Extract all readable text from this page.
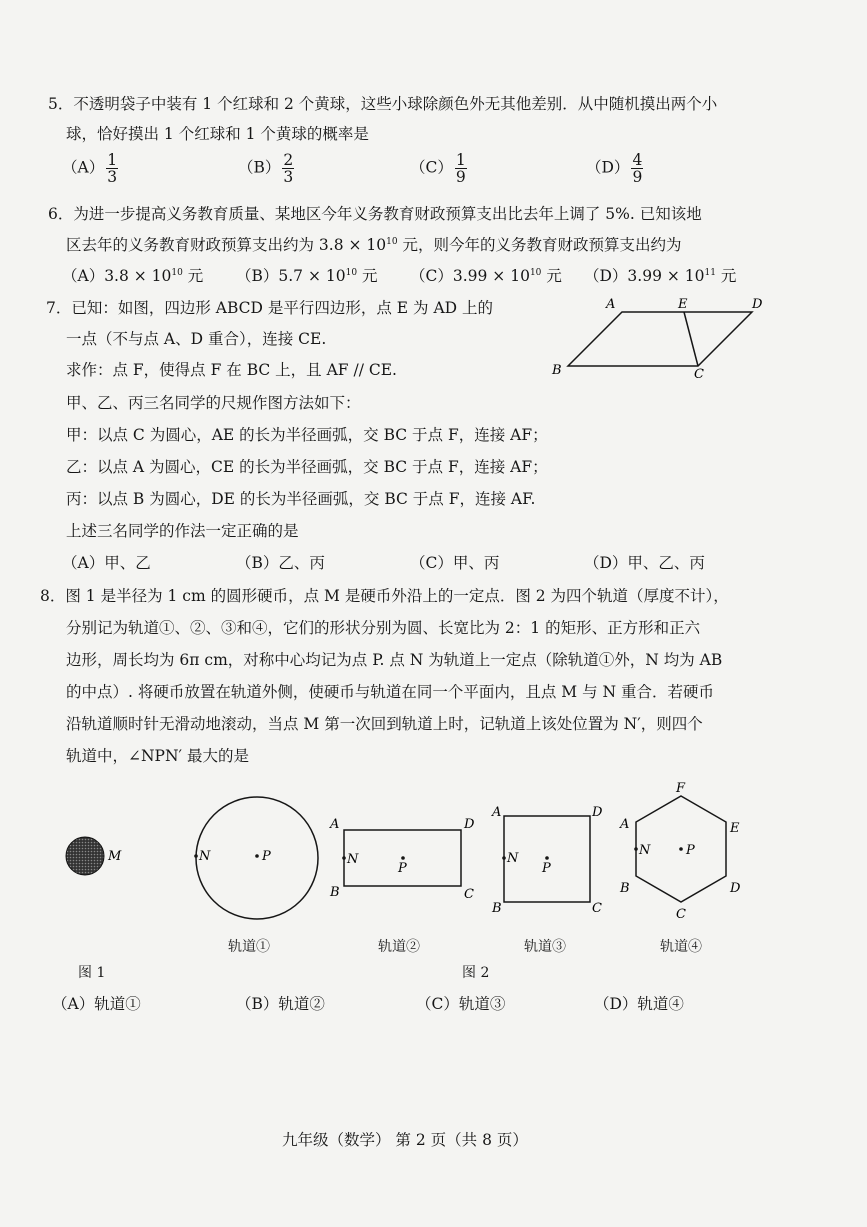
5．不透明袋子中装有 1 个红球和 2 个黄球，这些小球除颜色外无其他差别．从中随机摸出两个小
球，恰好摸出 1 个红球和 1 个黄球的概率是
$(A) \frac{1}{3}$	$(B) \frac{2}{3}$	$(C) \frac{1}{9}$	$(D) \frac{4}{9}$
6．为进一步提高义务教育质量、某地区今年义务教育财政预算支出比去年上调了 5%. 已知该地
区去年的义务教育财政预算支出约为 $3.8 \times 10^{10}$ 元，则今年的义务教育财政预算支出约为
$(A)3.8 \times 10^{10}$ 元 $(B)5.7 \times 10^{10}$ 元 $(C)3.99 \times 10^{10}$ 元 $(D)3.99 \times 10^{11}$ 元
7．已知：如图，四边形 ABCD 是平行四边形，点 E 为 AD 上的
一点（不与点 A、D 重合），连接 CE.
求作：点 F，使得点 F 在 BC 上，且 AF // CE.
甲、乙、丙三名同学的尺规作图方法如下：
甲：以点 C 为圆心，AE 的长为半径画弧，交 BC 于点 F，连接 AF；
乙：以点 A 为圆心，CE 的长为半径画弧，交 BC 于点 F，连接 AF；
丙：以点 B 为圆心，DE 的长为半径画弧，交 BC 于点 F，连接 AF.
上述三名同学的作法一定正确的是
（A）甲、乙	（B）乙、丙	（C）甲、丙	（D）甲、乙、丙
A	E	D
B	C
8．图 1 是半径为 1 cm 的圆形硬币，点 M 是硬币外沿上的一定点．图 2 为四个轨道（厚度不计），
分别记为轨道①、②、③和④，它们的形状分别为圆、长宽比为 2：1 的矩形、正方形和正六
边形，周长均为 6π cm，对称中心均记为点 P. 点 N 为轨道上一定点（除轨道①外，N 均为 AB
的中点）. 将硬币放置在轨道外侧，使硬币与轨道在同一个平面内，且点 M 与 N 重合．若硬币
沿轨道顺时针无滑动地滚动，当点 M 第一次回到轨道上时，记轨道上该处位置为 N′，则四个
轨道中，∠NPN′ 最大的是
M	N	P	N
P
A
B	C
D
N
P
A
B	C
D
N	P
F
E
D
C
B
A
轨道①	轨道②	轨道③	轨道④
图 1	图 2
（A）轨道①	（B）轨道②	（C）轨道③	（D）轨道④
九年级（数学） 第 2 页（共 8 页）
